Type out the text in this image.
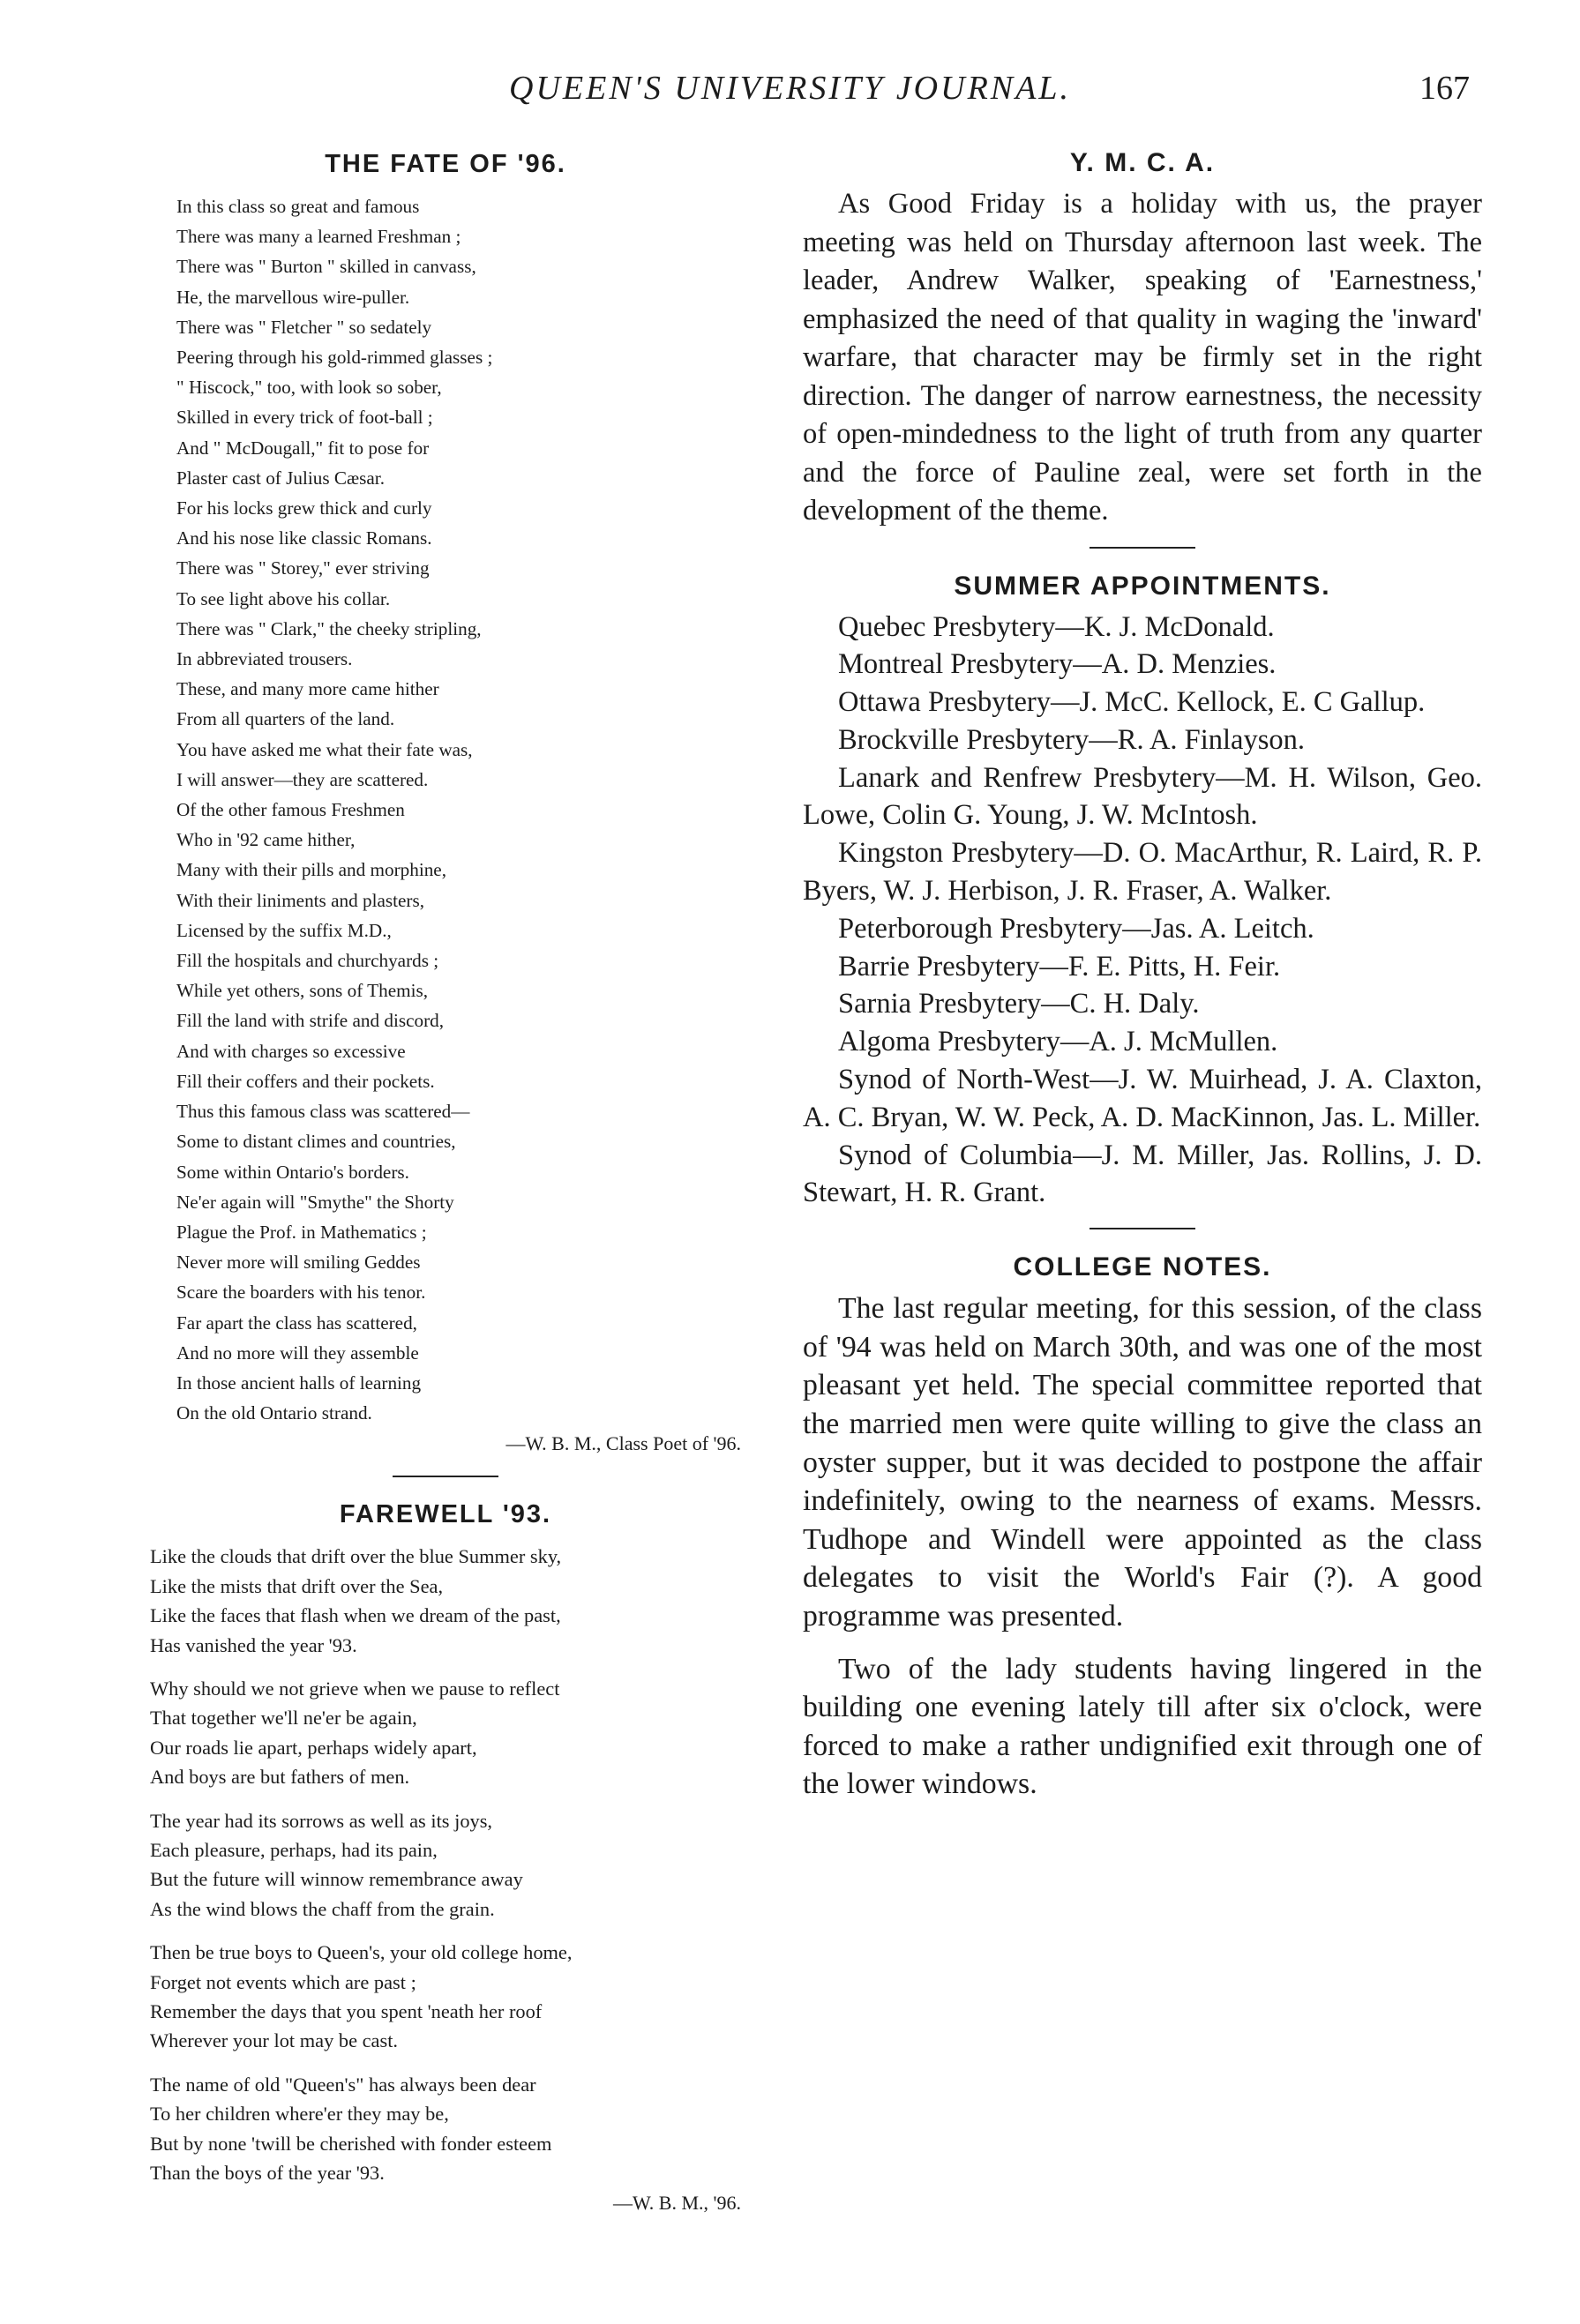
QUEEN'S UNIVERSITY JOURNAL.	167
THE FATE OF '96.
In this class so great and famous
There was many a learned Freshman ;
There was " Burton " skilled in canvass,
He, the marvellous wire-puller.
There was " Fletcher " so sedately
Peering through his gold-rimmed glasses ;
" Hiscock," too, with look so sober,
Skilled in every trick of foot-ball ;
And " McDougall," fit to pose for
Plaster cast of Julius Cæsar.
For his locks grew thick and curly
And his nose like classic Romans.
There was " Storey," ever striving
To see light above his collar.
There was " Clark," the cheeky stripling,
In abbreviated trousers.
These, and many more came hither
From all quarters of the land.
You have asked me what their fate was,
I will answer—they are scattered.
Of the other famous Freshmen
Who in '92 came hither,
Many with their pills and morphine,
With their liniments and plasters,
Licensed by the suffix M.D.,
Fill the hospitals and churchyards ;
While yet others, sons of Themis,
Fill the land with strife and discord,
And with charges so excessive
Fill their coffers and their pockets.
Thus this famous class was scattered—
Some to distant climes and countries,
Some within Ontario's borders.
Ne'er again will "Smythe" the Shorty
Plague the Prof. in Mathematics ;
Never more will smiling Geddes
Scare the boarders with his tenor.
Far apart the class has scattered,
And no more will they assemble
In those ancient halls of learning
On the old Ontario strand.
—W. B. M., Class Poet of '96.
FAREWELL '93.
Like the clouds that drift over the blue Summer sky,
Like the mists that drift over the Sea,
Like the faces that flash when we dream of the past,
Has vanished the year '93.
Why should we not grieve when we pause to reflect
That together we'll ne'er be again,
Our roads lie apart, perhaps widely apart,
And boys are but fathers of men.
The year had its sorrows as well as its joys,
Each pleasure, perhaps, had its pain,
But the future will winnow remembrance away
As the wind blows the chaff from the grain.
Then be true boys to Queen's, your old college home,
Forget not events which are past ;
Remember the days that you spent 'neath her roof
Wherever your lot may be cast.
The name of old "Queen's" has always been dear
To her children where'er they may be,
But by none 'twill be cherished with fonder esteem
Than the boys of the year '93.
—W. B. M., '96.
Y. M. C. A.

As Good Friday is a holiday with us, the prayer meeting was held on Thursday afternoon last week. The leader, Andrew Walker, speaking of 'Earnestness,' emphasized the need of that quality in waging the 'inward' warfare, that character may be firmly set in the right direction. The danger of narrow earnestness, the necessity of open-mindedness to the light of truth from any quarter and the force of Pauline zeal, were set forth in the development of the theme.

SUMMER APPOINTMENTS.

Quebec Presbytery—K. J. McDonald.

Montreal Presbytery—A. D. Menzies.

Ottawa Presbytery—J. McC. Kellock, E. C Gallup.

Brockville Presbytery—R. A. Finlayson.

Lanark and Renfrew Presbytery—M. H. Wilson, Geo. Lowe, Colin G. Young, J. W. McIntosh.

Kingston Presbytery—D. O. MacArthur, R. Laird, R. P. Byers, W. J. Herbison, J. R. Fraser, A. Walker.

Peterborough Presbytery—Jas. A. Leitch.

Barrie Presbytery—F. E. Pitts, H. Feir.

Sarnia Presbytery—C. H. Daly.

Algoma Presbytery—A. J. McMullen.

Synod of North-West—J. W. Muirhead, J. A. Claxton, A. C. Bryan, W. W. Peck, A. D. MacKinnon, Jas. L. Miller.

Synod of Columbia—J. M. Miller, Jas. Rollins, J. D. Stewart, H. R. Grant.

COLLEGE NOTES.

The last regular meeting, for this session, of the class of '94 was held on March 30th, and was one of the most pleasant yet held. The special committee reported that the married men were quite willing to give the class an oyster supper, but it was decided to postpone the affair indefinitely, owing to the nearness of exams. Messrs. Tudhope and Windell were appointed as the class delegates to visit the World's Fair (?). A good programme was presented.

Two of the lady students having lingered in the building one evening lately till after six o'clock, were forced to make a rather undignified exit through one of the lower windows.
